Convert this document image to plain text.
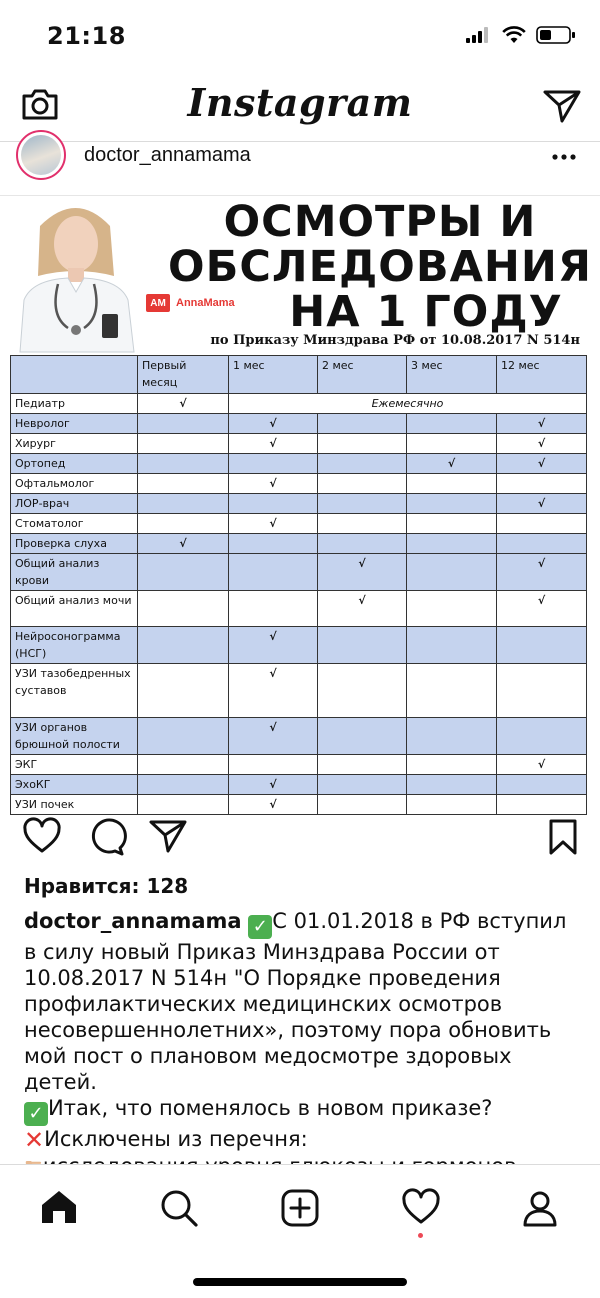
21:18
Instagram
doctor_annamama
ОСМОТРЫ И
ОБСЛЕДОВАНИЯ
НА 1 ГОДУ
AM AnnaMama
по Приказу Минздрава РФ от 10.08.2017 N 514н
	Первый месяц	1 мес	2 мес	3 мес	12 мес
Педиатр	√	Ежемесячно			
Невролог		√			√
Хирург		√			√
Ортопед				√	√
Офтальмолог		√			
ЛОР-врач					√
Стоматолог		√			
Проверка слуха	√				
Общий анализ крови			√		√
Общий анализ мочи			√		√
Нейросонограмма (НСГ)		√			
УЗИ тазобедренных суставов		√			
УЗИ органов брюшной полости		√			
ЭКГ					√
ЭхоКГ		√			
УЗИ почек		√			
Нравится: 128
doctor_annamama ✓ С 01.01.2018 в РФ вступил в силу новый Приказ Минздрава России от 10.08.2017 N 514н "О Порядке проведения профилактических медицинских осмотров несовершеннолетних», поэтому пора обновить мой пост о плановом медосмотре здоровых детей.
✓ Итак, что поменялось в новом приказе?
✕Исключены из перечня:
